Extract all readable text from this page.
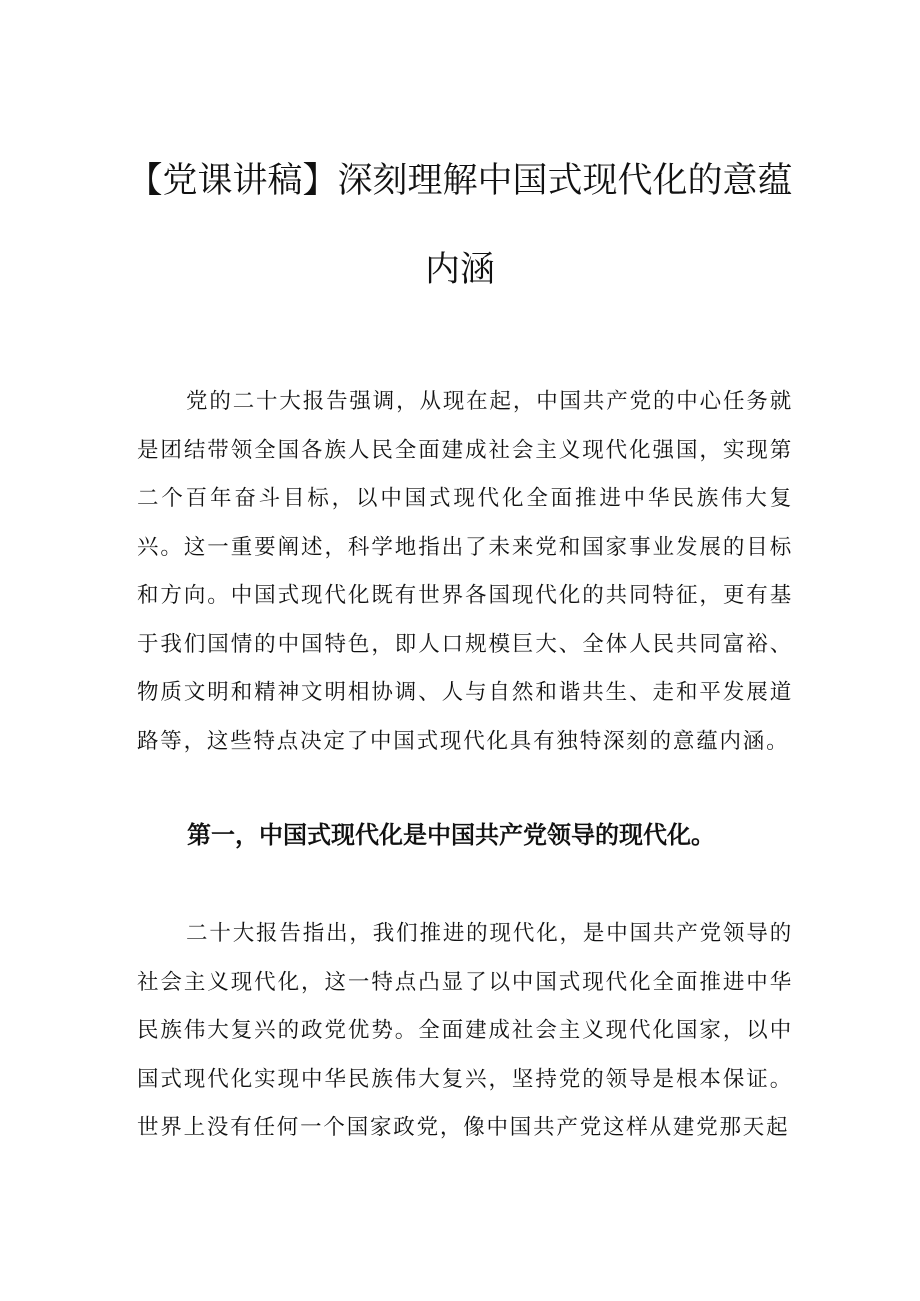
【党课讲稿】深刻理解中国式现代化的意蕴
内涵

党的二十大报告强调，从现在起，中国共产党的中心任务就是团结带领全国各族人民全面建成社会主义现代化强国，实现第二个百年奋斗目标，以中国式现代化全面推进中华民族伟大复兴。这一重要阐述，科学地指出了未来党和国家事业发展的目标和方向。中国式现代化既有世界各国现代化的共同特征，更有基于我们国情的中国特色，即人口规模巨大、全体人民共同富裕、物质文明和精神文明相协调、人与自然和谐共生、走和平发展道路等，这些特点决定了中国式现代化具有独特深刻的意蕴内涵。

第一，中国式现代化是中国共产党领导的现代化。

二十大报告指出，我们推进的现代化，是中国共产党领导的社会主义现代化，这一特点凸显了以中国式现代化全面推进中华民族伟大复兴的政党优势。全面建成社会主义现代化国家，以中国式现代化实现中华民族伟大复兴，坚持党的领导是根本保证。世界上没有任何一个国家政党，像中国共产党这样从建党那天起
